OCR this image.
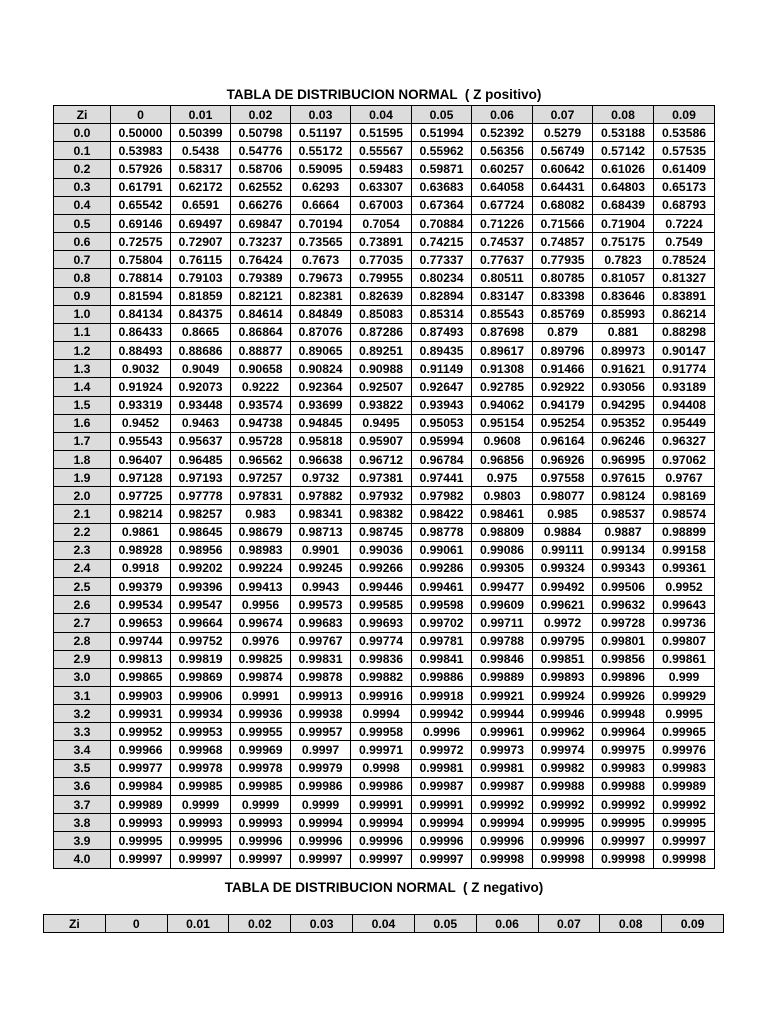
TABLA DE DISTRIBUCION NORMAL  ( Z positivo)
Zi	0	0.01	0.02	0.03	0.04	0.05	0.06	0.07	0.08	0.09
0.0	0.50000	0.50399	0.50798	0.51197	0.51595	0.51994	0.52392	0.5279	0.53188	0.53586
0.1	0.53983	0.5438	0.54776	0.55172	0.55567	0.55962	0.56356	0.56749	0.57142	0.57535
0.2	0.57926	0.58317	0.58706	0.59095	0.59483	0.59871	0.60257	0.60642	0.61026	0.61409
0.3	0.61791	0.62172	0.62552	0.6293	0.63307	0.63683	0.64058	0.64431	0.64803	0.65173
0.4	0.65542	0.6591	0.66276	0.6664	0.67003	0.67364	0.67724	0.68082	0.68439	0.68793
0.5	0.69146	0.69497	0.69847	0.70194	0.7054	0.70884	0.71226	0.71566	0.71904	0.7224
0.6	0.72575	0.72907	0.73237	0.73565	0.73891	0.74215	0.74537	0.74857	0.75175	0.7549
0.7	0.75804	0.76115	0.76424	0.7673	0.77035	0.77337	0.77637	0.77935	0.7823	0.78524
0.8	0.78814	0.79103	0.79389	0.79673	0.79955	0.80234	0.80511	0.80785	0.81057	0.81327
0.9	0.81594	0.81859	0.82121	0.82381	0.82639	0.82894	0.83147	0.83398	0.83646	0.83891
1.0	0.84134	0.84375	0.84614	0.84849	0.85083	0.85314	0.85543	0.85769	0.85993	0.86214
1.1	0.86433	0.8665	0.86864	0.87076	0.87286	0.87493	0.87698	0.879	0.881	0.88298
1.2	0.88493	0.88686	0.88877	0.89065	0.89251	0.89435	0.89617	0.89796	0.89973	0.90147
1.3	0.9032	0.9049	0.90658	0.90824	0.90988	0.91149	0.91308	0.91466	0.91621	0.91774
1.4	0.91924	0.92073	0.9222	0.92364	0.92507	0.92647	0.92785	0.92922	0.93056	0.93189
1.5	0.93319	0.93448	0.93574	0.93699	0.93822	0.93943	0.94062	0.94179	0.94295	0.94408
1.6	0.9452	0.9463	0.94738	0.94845	0.9495	0.95053	0.95154	0.95254	0.95352	0.95449
1.7	0.95543	0.95637	0.95728	0.95818	0.95907	0.95994	0.9608	0.96164	0.96246	0.96327
1.8	0.96407	0.96485	0.96562	0.96638	0.96712	0.96784	0.96856	0.96926	0.96995	0.97062
1.9	0.97128	0.97193	0.97257	0.9732	0.97381	0.97441	0.975	0.97558	0.97615	0.9767
2.0	0.97725	0.97778	0.97831	0.97882	0.97932	0.97982	0.9803	0.98077	0.98124	0.98169
2.1	0.98214	0.98257	0.983	0.98341	0.98382	0.98422	0.98461	0.985	0.98537	0.98574
2.2	0.9861	0.98645	0.98679	0.98713	0.98745	0.98778	0.98809	0.9884	0.9887	0.98899
2.3	0.98928	0.98956	0.98983	0.9901	0.99036	0.99061	0.99086	0.99111	0.99134	0.99158
2.4	0.9918	0.99202	0.99224	0.99245	0.99266	0.99286	0.99305	0.99324	0.99343	0.99361
2.5	0.99379	0.99396	0.99413	0.9943	0.99446	0.99461	0.99477	0.99492	0.99506	0.9952
2.6	0.99534	0.99547	0.9956	0.99573	0.99585	0.99598	0.99609	0.99621	0.99632	0.99643
2.7	0.99653	0.99664	0.99674	0.99683	0.99693	0.99702	0.99711	0.9972	0.99728	0.99736
2.8	0.99744	0.99752	0.9976	0.99767	0.99774	0.99781	0.99788	0.99795	0.99801	0.99807
2.9	0.99813	0.99819	0.99825	0.99831	0.99836	0.99841	0.99846	0.99851	0.99856	0.99861
3.0	0.99865	0.99869	0.99874	0.99878	0.99882	0.99886	0.99889	0.99893	0.99896	0.999
3.1	0.99903	0.99906	0.9991	0.99913	0.99916	0.99918	0.99921	0.99924	0.99926	0.99929
3.2	0.99931	0.99934	0.99936	0.99938	0.9994	0.99942	0.99944	0.99946	0.99948	0.9995
3.3	0.99952	0.99953	0.99955	0.99957	0.99958	0.9996	0.99961	0.99962	0.99964	0.99965
3.4	0.99966	0.99968	0.99969	0.9997	0.99971	0.99972	0.99973	0.99974	0.99975	0.99976
3.5	0.99977	0.99978	0.99978	0.99979	0.9998	0.99981	0.99981	0.99982	0.99983	0.99983
3.6	0.99984	0.99985	0.99985	0.99986	0.99986	0.99987	0.99987	0.99988	0.99988	0.99989
3.7	0.99989	0.9999	0.9999	0.9999	0.99991	0.99991	0.99992	0.99992	0.99992	0.99992
3.8	0.99993	0.99993	0.99993	0.99994	0.99994	0.99994	0.99994	0.99995	0.99995	0.99995
3.9	0.99995	0.99995	0.99996	0.99996	0.99996	0.99996	0.99996	0.99996	0.99997	0.99997
4.0	0.99997	0.99997	0.99997	0.99997	0.99997	0.99997	0.99998	0.99998	0.99998	0.99998
TABLA DE DISTRIBUCION NORMAL  ( Z negativo)
Zi	0	0.01	0.02	0.03	0.04	0.05	0.06	0.07	0.08	0.09
